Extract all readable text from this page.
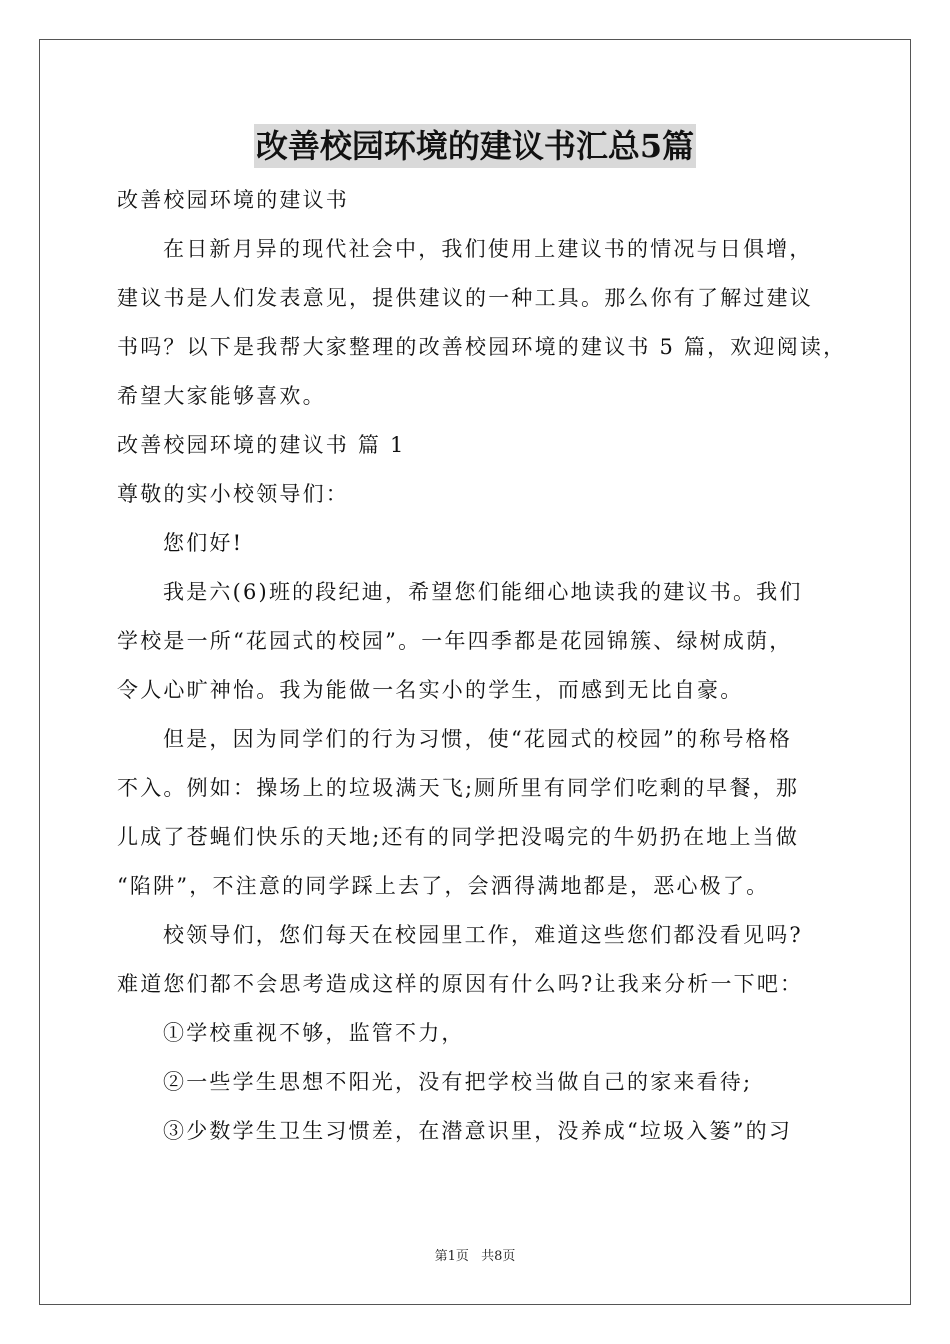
改善校园环境的建议书汇总5篇
改善校园环境的建议书
在日新月异的现代社会中，我们使用上建议书的情况与日俱增，
建议书是人们发表意见，提供建议的一种工具。那么你有了解过建议
书吗？以下是我帮大家整理的改善校园环境的建议书 5 篇，欢迎阅读，
希望大家能够喜欢。
改善校园环境的建议书 篇 1
尊敬的实小校领导们：
您们好!
我是六(6)班的段纪迪，希望您们能细心地读我的建议书。我们
学校是一所“花园式的校园”。一年四季都是花园锦簇、绿树成荫，
令人心旷神怡。我为能做一名实小的学生，而感到无比自豪。
但是，因为同学们的行为习惯，使“花园式的校园”的称号格格
不入。例如：操场上的垃圾满天飞;厕所里有同学们吃剩的早餐，那
儿成了苍蝇们快乐的天地;还有的同学把没喝完的牛奶扔在地上当做
“陷阱”，不注意的同学踩上去了，会洒得满地都是，恶心极了。
校领导们，您们每天在校园里工作，难道这些您们都没看见吗?
难道您们都不会思考造成这样的原因有什么吗?让我来分析一下吧：
①学校重视不够，监管不力，
②一些学生思想不阳光，没有把学校当做自己的家来看待;
③少数学生卫生习惯差，在潜意识里，没养成“垃圾入篓”的习
第1页 共8页
